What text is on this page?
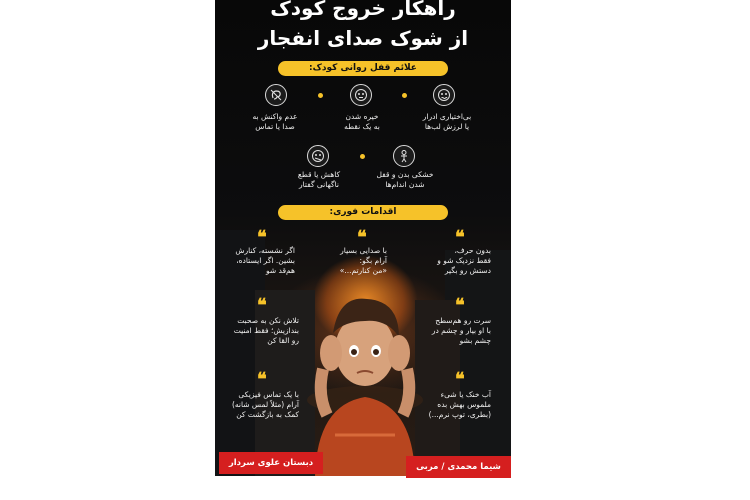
راهکار خروج کودک
از شوک صدای انفجار
علائم قفل روانی کودک:
عدم واکنش به
صدا یا تماس
خیره شدن
به یک نقطه
بی‌اختیاری ادرار
یا لرزش لب‌ها
کاهش یا قطع
ناگهانی گفتار
خشکی بدن و قفل
شدن اندام‌ها
اقدامات فوری:
❝
اگر نشسته، کنارش
بشین. اگر ایستاده،
هم‌قد شو
❝
با صدایی بسیار
آرام بگو:
«من کنارتم...»
❝
بدون حرف،
فقط نزدیک شو و
دستش رو بگیر
❝
تلاش نکن به صحبت
بندازیش؛ فقط امنیت
رو القا کن
❝
سرت رو هم‌سطح
با او بیار و چشم در
چشم بشو
❝
با یک تماس فیزیکی
آرام (مثلاً لمس شانه)
کمک به بازگشت کن
❝
آب خنک یا شیء
ملموس بهش بده
(بطری، توپ نرم...)
دبستان علوی سردار جنگل
شیما محمدی / مربی بهداشت
